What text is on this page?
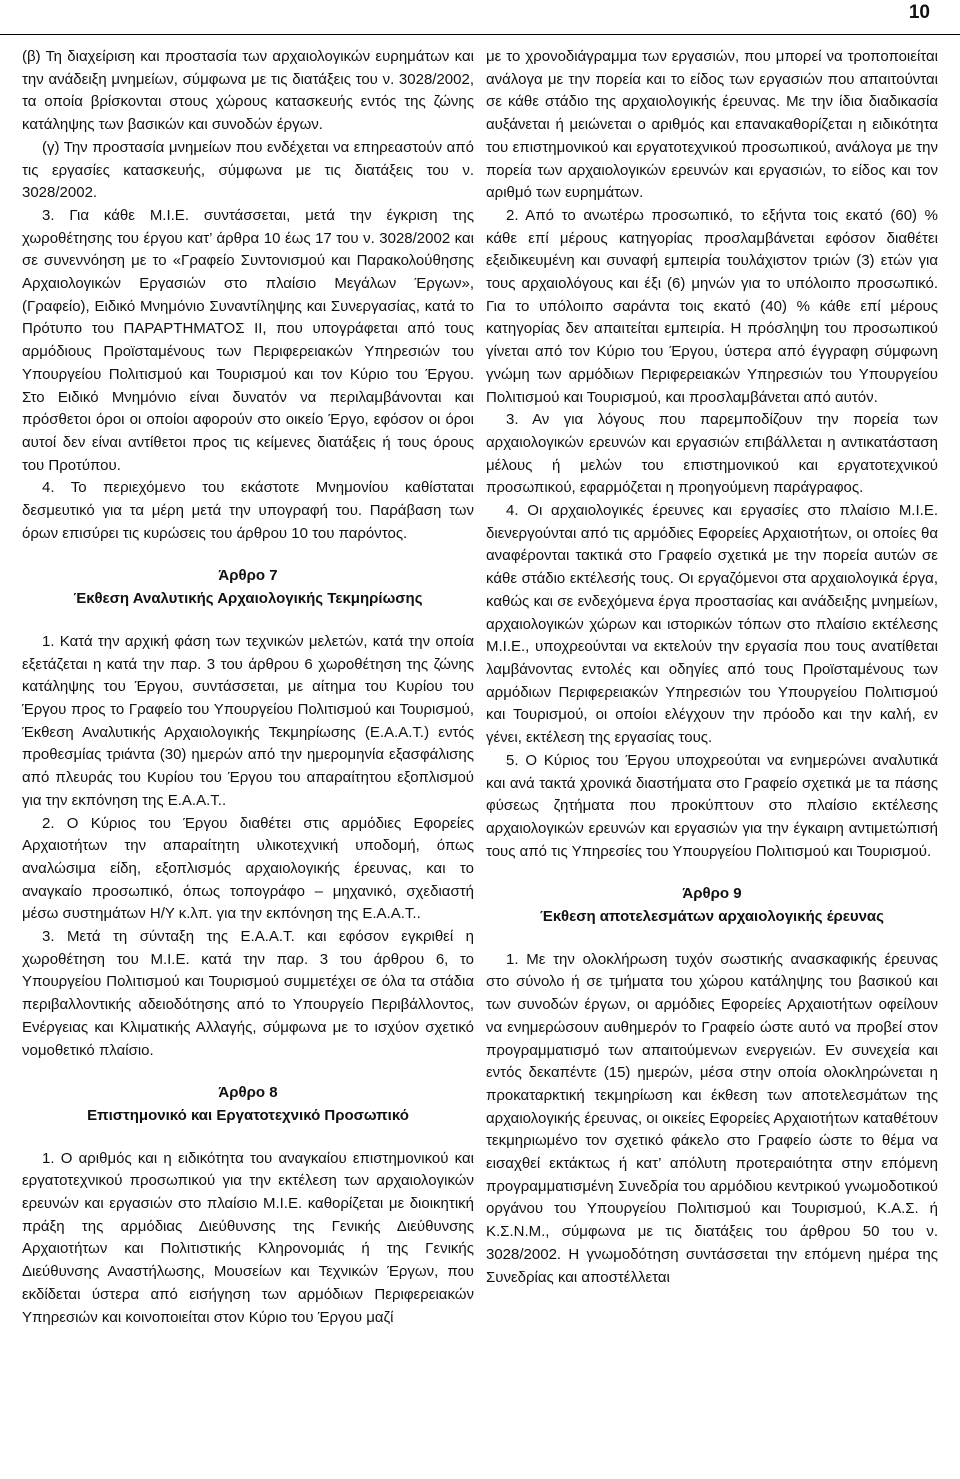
10

(β) Τη διαχείριση και προστασία των αρχαιολογικών ευρημάτων και την ανάδειξη μνημείων, σύμφωνα με τις διατάξεις του ν. 3028/2002, τα οποία βρίσκονται στους χώρους κατασκευής εντός της ζώνης κατάληψης των βασικών και συνοδών έργων.

(γ) Την προστασία μνημείων που ενδέχεται να επηρεαστούν από τις εργασίες κατασκευής, σύμφωνα με τις διατάξεις του ν. 3028/2002.

3. Για κάθε Μ.Ι.Ε. συντάσσεται, μετά την έγκριση της χωροθέτησης του έργου κατ’ άρθρα 10 έως 17 του ν. 3028/2002 και σε συνεννόηση με το «Γραφείο Συντονισμού και Παρακολούθησης Αρχαιολογικών Εργασιών στο πλαίσιο Μεγάλων Έργων», (Γραφείο), Ειδικό Μνημόνιο Συναντίληψης και Συνεργασίας, κατά το Πρότυπο του ΠΑΡΑΡΤΗΜΑΤΟΣ ΙΙ, που υπογράφεται από τους αρμόδιους Προϊσταμένους των Περιφερειακών Υπηρεσιών του Υπουργείου Πολιτισμού και Τουρισμού και τον Κύριο του Έργου. Στο Ειδικό Μνημόνιο είναι δυνατόν να περιλαμβάνονται και πρόσθετοι όροι οι οποίοι αφορούν στο οικείο Έργο, εφόσον οι όροι αυτοί δεν είναι αντίθετοι προς τις κείμενες διατάξεις ή τους όρους του Προτύπου.

4. Το περιεχόμενο του εκάστοτε Μνημονίου καθίσταται δεσμευτικό για τα μέρη μετά την υπογραφή του. Παράβαση των όρων επισύρει τις κυρώσεις του άρθρου 10 του παρόντος.

Άρθρο 7
Έκθεση Αναλυτικής Αρχαιολογικής Τεκμηρίωσης

1. Κατά την αρχική φάση των τεχνικών μελετών, κατά την οποία εξετάζεται η κατά την παρ. 3 του άρθρου 6 χωροθέτηση της ζώνης κατάληψης του Έργου, συντάσσεται, με αίτημα του Κυρίου του Έργου προς το Γραφείο του Υπουργείου Πολιτισμού και Τουρισμού, Έκθεση Αναλυτικής Αρχαιολογικής Τεκμηρίωσης (Ε.Α.Α.Τ.) εντός προθεσμίας τριάντα (30) ημερών από την ημερομηνία εξασφάλισης από πλευράς του Κυρίου του Έργου του απαραίτητου εξοπλισμού για την εκπόνηση της Ε.Α.Α.Τ..

2. Ο Κύριος του Έργου διαθέτει στις αρμόδιες Εφορείες Αρχαιοτήτων την απαραίτητη υλικοτεχνική υποδομή, όπως αναλώσιμα είδη, εξοπλισμός αρχαιολογικής έρευνας, και το αναγκαίο προσωπικό, όπως τοπογράφο – μηχανικό, σχεδιαστή μέσω συστημάτων Η/Υ κ.λπ. για την εκπόνηση της Ε.Α.Α.Τ..

3. Μετά τη σύνταξη της Ε.Α.Α.Τ. και εφόσον εγκριθεί η χωροθέτηση του Μ.Ι.Ε. κατά την παρ. 3 του άρθρου 6, το Υπουργείου Πολιτισμού και Τουρισμού συμμετέχει σε όλα τα στάδια περιβαλλοντικής αδειοδότησης από το Υπουργείο Περιβάλλοντος, Ενέργειας και Κλιματικής Αλλαγής, σύμφωνα με το ισχύον σχετικό νομοθετικό πλαίσιο.

Άρθρο 8
Επιστημονικό και Εργατοτεχνικό Προσωπικό

1. Ο αριθμός και η ειδικότητα του αναγκαίου επιστημονικού και εργατοτεχνικού προσωπικού για την εκτέλεση των αρχαιολογικών ερευνών και εργασιών στο πλαίσιο Μ.Ι.Ε. καθορίζεται με διοικητική πράξη της αρμόδιας Διεύθυνσης της Γενικής Διεύθυνσης Αρχαιοτήτων και Πολιτιστικής Κληρονομιάς ή της Γενικής Διεύθυνσης Αναστήλωσης, Μουσείων και Τεχνικών Έργων, που εκδίδεται ύστερα από εισήγηση των αρμόδιων Περιφερειακών Υπηρεσιών και κοινοποιείται στον Κύριο του Έργου μαζί

με το χρονοδιάγραμμα των εργασιών, που μπορεί να τροποποιείται ανάλογα με την πορεία και το είδος των εργασιών που απαιτούνται σε κάθε στάδιο της αρχαιολογικής έρευνας. Με την ίδια διαδικασία αυξάνεται ή μειώνεται ο αριθμός και επανακαθορίζεται η ειδικότητα του επιστημονικού και εργατοτεχνικού προσωπικού, ανάλογα με την πορεία των αρχαιολογικών ερευνών και εργασιών, το είδος και τον αριθμό των ευρημάτων.

2. Από το ανωτέρω προσωπικό, το εξήντα τοις εκατό (60) % κάθε επί μέρους κατηγορίας προσλαμβάνεται εφόσον διαθέτει εξειδικευμένη και συναφή εμπειρία τουλάχιστον τριών (3) ετών για τους αρχαιολόγους και έξι (6) μηνών για το υπόλοιπο προσωπικό. Για το υπόλοιπο σαράντα τοις εκατό (40) % κάθε επί μέρους κατηγορίας δεν απαιτείται εμπειρία. Η πρόσληψη του προσωπικού γίνεται από τον Κύριο του Έργου, ύστερα από έγγραφη σύμφωνη γνώμη των αρμόδιων Περιφερειακών Υπηρεσιών του Υπουργείου Πολιτισμού και Τουρισμού, και προσλαμβάνεται από αυτόν.

3. Αν για λόγους που παρεμποδίζουν την πορεία των αρχαιολογικών ερευνών και εργασιών επιβάλλεται η αντικατάσταση μέλους ή μελών του επιστημονικού και εργατοτεχνικού προσωπικού, εφαρμόζεται η προηγούμενη παράγραφος.

4. Οι αρχαιολογικές έρευνες και εργασίες στο πλαίσιο Μ.Ι.Ε. διενεργούνται από τις αρμόδιες Εφορείες Αρχαιοτήτων, οι οποίες θα αναφέρονται τακτικά στο Γραφείο σχετικά με την πορεία αυτών σε κάθε στάδιο εκτέλεσής τους. Οι εργαζόμενοι στα αρχαιολογικά έργα, καθώς και σε ενδεχόμενα έργα προστασίας και ανάδειξης μνημείων, αρχαιολογικών χώρων και ιστορικών τόπων στο πλαίσιο εκτέλεσης Μ.Ι.Ε., υποχρεούνται να εκτελούν την εργασία που τους ανατίθεται λαμβάνοντας εντολές και οδηγίες από τους Προϊσταμένους των αρμόδιων Περιφερειακών Υπηρεσιών του Υπουργείου Πολιτισμού και Τουρισμού, οι οποίοι ελέγχουν την πρόοδο και την καλή, εν γένει, εκτέλεση της εργασίας τους.

5. Ο Κύριος του Έργου υποχρεούται να ενημερώνει αναλυτικά και ανά τακτά χρονικά διαστήματα στο Γραφείο σχετικά με τα πάσης φύσεως ζητήματα που προκύπτουν στο πλαίσιο εκτέλεσης αρχαιολογικών ερευνών και εργασιών για την έγκαιρη αντιμετώπισή τους από τις Υπηρεσίες του Υπουργείου Πολιτισμού και Τουρισμού.

Άρθρο 9
Έκθεση αποτελεσμάτων αρχαιολογικής έρευνας

1. Με την ολοκλήρωση τυχόν σωστικής ανασκαφικής έρευνας στο σύνολο ή σε τμήματα του χώρου κατάληψης του βασικού και των συνοδών έργων, οι αρμόδιες Εφορείες Αρχαιοτήτων οφείλουν να ενημερώσουν αυθημερόν το Γραφείο ώστε αυτό να προβεί στον προγραμματισμό των απαιτούμενων ενεργειών. Εν συνεχεία και εντός δεκαπέντε (15) ημερών, μέσα στην οποία ολοκληρώνεται η προκαταρκτική τεκμηρίωση και έκθεση των αποτελεσμάτων της αρχαιολογικής έρευνας, οι οικείες Εφορείες Αρχαιοτήτων καταθέτουν τεκμηριωμένο τον σχετικό φάκελο στο Γραφείο ώστε το θέμα να εισαχθεί εκτάκτως ή κατ’ απόλυτη προτεραιότητα στην επόμενη προγραμματισμένη Συνεδρία του αρμόδιου κεντρικού γνωμοδοτικού οργάνου του Υπουργείου Πολιτισμού και Τουρισμού, Κ.Α.Σ. ή Κ.Σ.Ν.Μ., σύμφωνα με τις διατάξεις του άρθρου 50 του ν. 3028/2002. Η γνωμοδότηση συντάσσεται την επόμενη ημέρα της Συνεδρίας και αποστέλλεται
